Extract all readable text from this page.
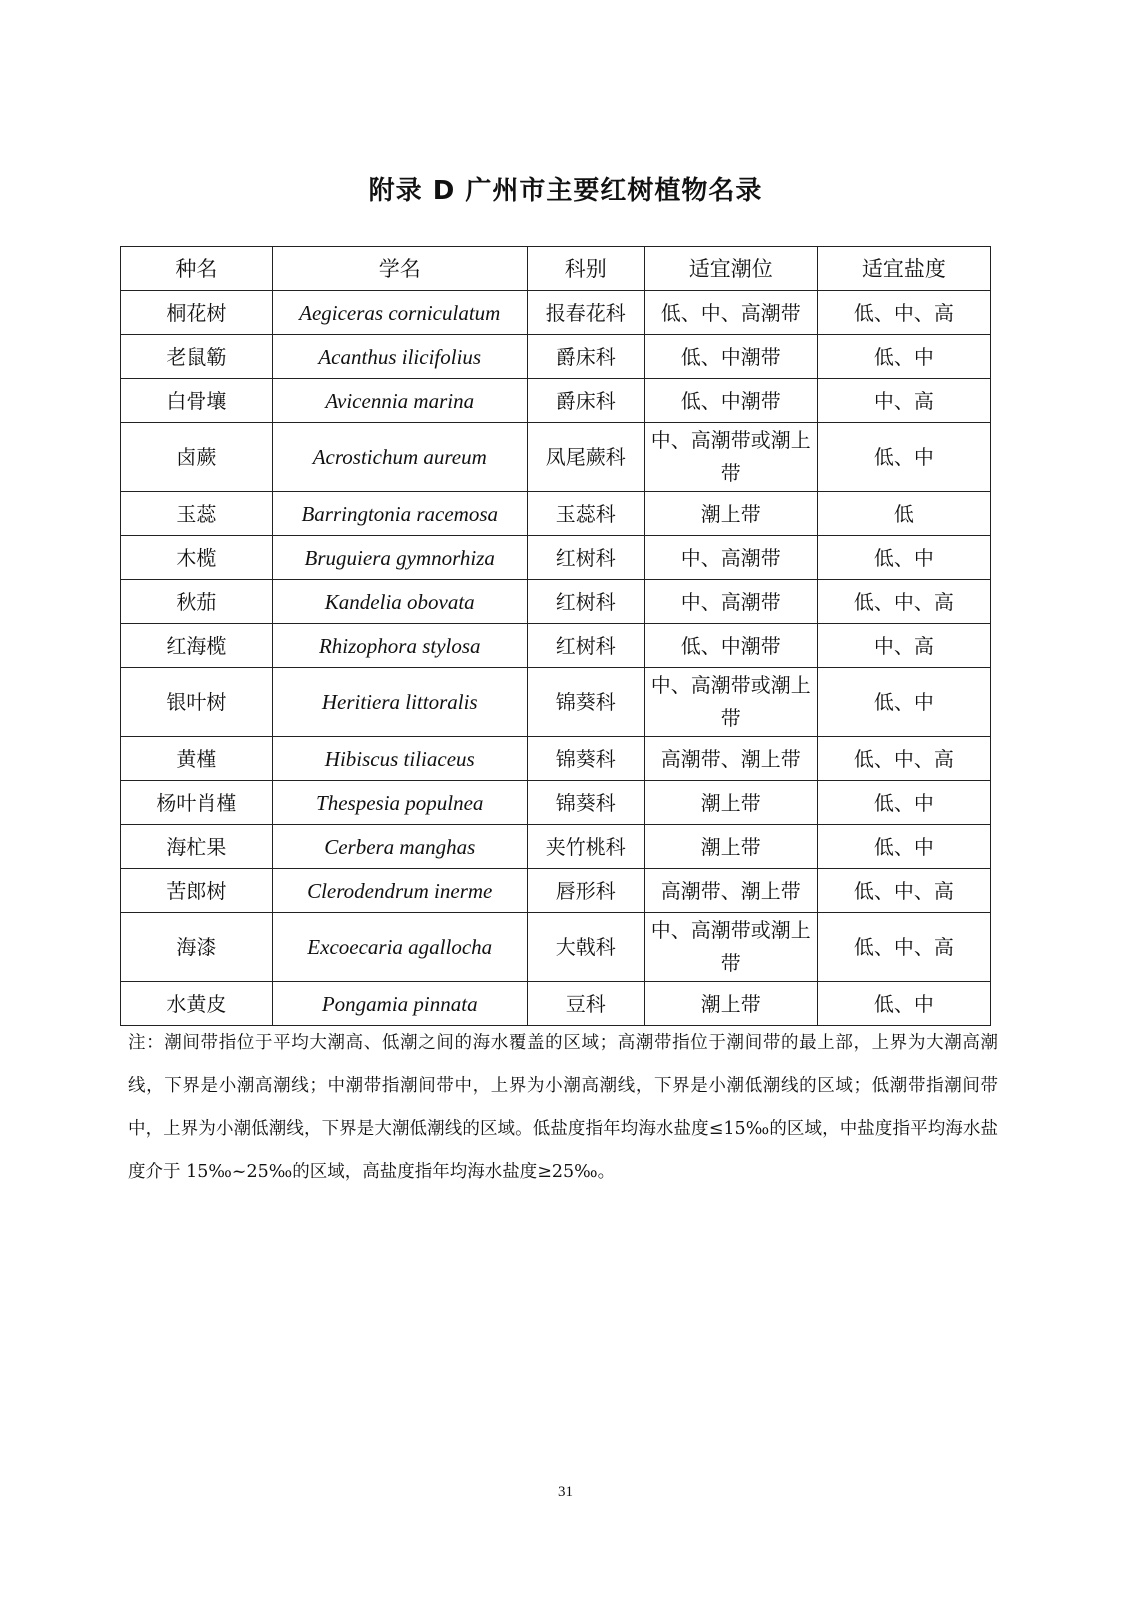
附录 D 广州市主要红树植物名录
种名	学名	科别	适宜潮位	适宜盐度
桐花树	Aegiceras corniculatum	报春花科	低、中、高潮带	低、中、高
老鼠簕	Acanthus ilicifolius	爵床科	低、中潮带	低、中
白骨壤	Avicennia marina	爵床科	低、中潮带	中、高
卤蕨	Acrostichum aureum	凤尾蕨科	中、高潮带或潮上带	低、中
玉蕊	Barringtonia racemosa	玉蕊科	潮上带	低
木榄	Bruguiera gymnorhiza	红树科	中、高潮带	低、中
秋茄	Kandelia obovata	红树科	中、高潮带	低、中、高
红海榄	Rhizophora stylosa	红树科	低、中潮带	中、高
银叶树	Heritiera littoralis	锦葵科	中、高潮带或潮上带	低、中
黄槿	Hibiscus tiliaceus	锦葵科	高潮带、潮上带	低、中、高
杨叶肖槿	Thespesia populnea	锦葵科	潮上带	低、中
海杧果	Cerbera manghas	夹竹桃科	潮上带	低、中
苦郎树	Clerodendrum inerme	唇形科	高潮带、潮上带	低、中、高
海漆	Excoecaria agallocha	大戟科	中、高潮带或潮上带	低、中、高
水黄皮	Pongamia pinnata	豆科	潮上带	低、中
注：潮间带指位于平均大潮高、低潮之间的海水覆盖的区域；高潮带指位于潮间带的最上部，上界为大潮高潮线，下界是小潮高潮线；中潮带指潮间带中，上界为小潮高潮线，下界是小潮低潮线的区域；低潮带指潮间带中，上界为小潮低潮线，下界是大潮低潮线的区域。低盐度指年均海水盐度≤15‰的区域，中盐度指平均海水盐度介于 15‰~25‰的区域，高盐度指年均海水盐度≥25‰。
31
